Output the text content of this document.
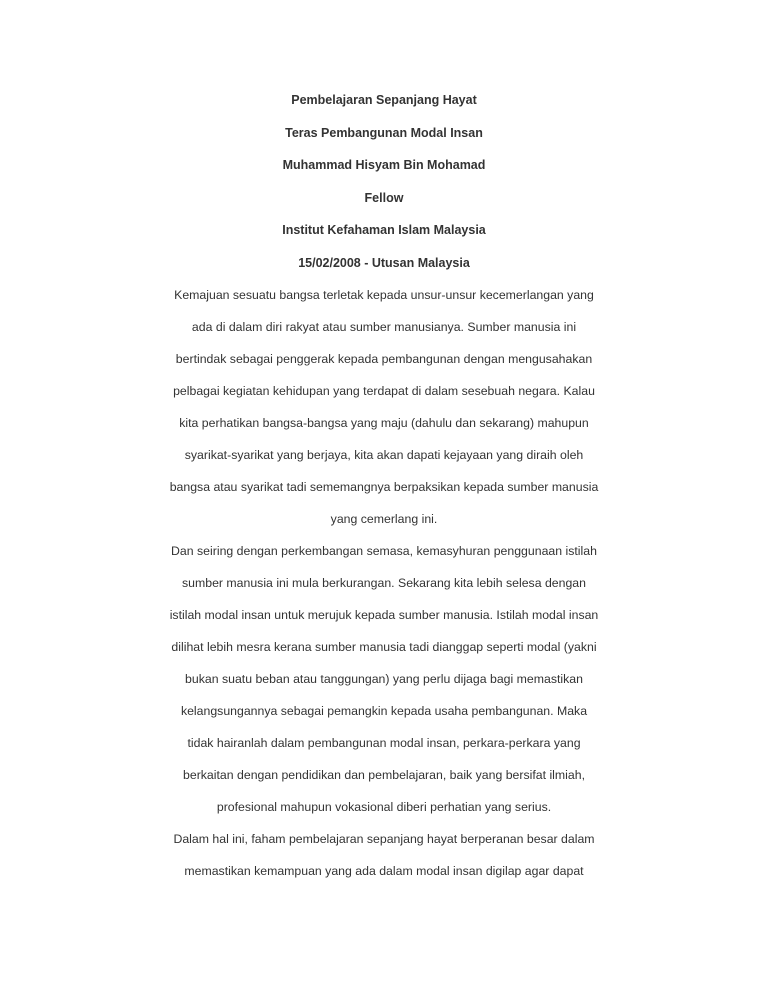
Pembelajaran Sepanjang Hayat
Teras Pembangunan Modal Insan
Muhammad Hisyam Bin Mohamad
Fellow
Institut Kefahaman Islam Malaysia
15/02/2008 - Utusan Malaysia
Kemajuan sesuatu bangsa terletak kepada unsur-unsur kecemerlangan yang
ada di dalam diri rakyat atau sumber manusianya. Sumber manusia ini
bertindak sebagai penggerak kepada pembangunan dengan mengusahakan
pelbagai kegiatan kehidupan yang terdapat di dalam sesebuah negara. Kalau
kita perhatikan bangsa-bangsa yang maju (dahulu dan sekarang) mahupun
syarikat-syarikat yang berjaya, kita akan dapati kejayaan yang diraih oleh
bangsa atau syarikat tadi sememangnya berpaksikan kepada sumber manusia
yang cemerlang ini.
Dan seiring dengan perkembangan semasa, kemasyhuran penggunaan istilah
sumber manusia ini mula berkurangan. Sekarang kita lebih selesa dengan
istilah modal insan untuk merujuk kepada sumber manusia. Istilah modal insan
dilihat lebih mesra kerana sumber manusia tadi dianggap seperti modal (yakni
bukan suatu beban atau tanggungan) yang perlu dijaga bagi memastikan
kelangsungannya sebagai pemangkin kepada usaha pembangunan. Maka
tidak hairanlah dalam pembangunan modal insan, perkara-perkara yang
berkaitan dengan pendidikan dan pembelajaran, baik yang bersifat ilmiah,
profesional mahupun vokasional diberi perhatian yang serius.
Dalam hal ini, faham pembelajaran sepanjang hayat berperanan besar dalam
memastikan kemampuan yang ada dalam modal insan digilap agar dapat
